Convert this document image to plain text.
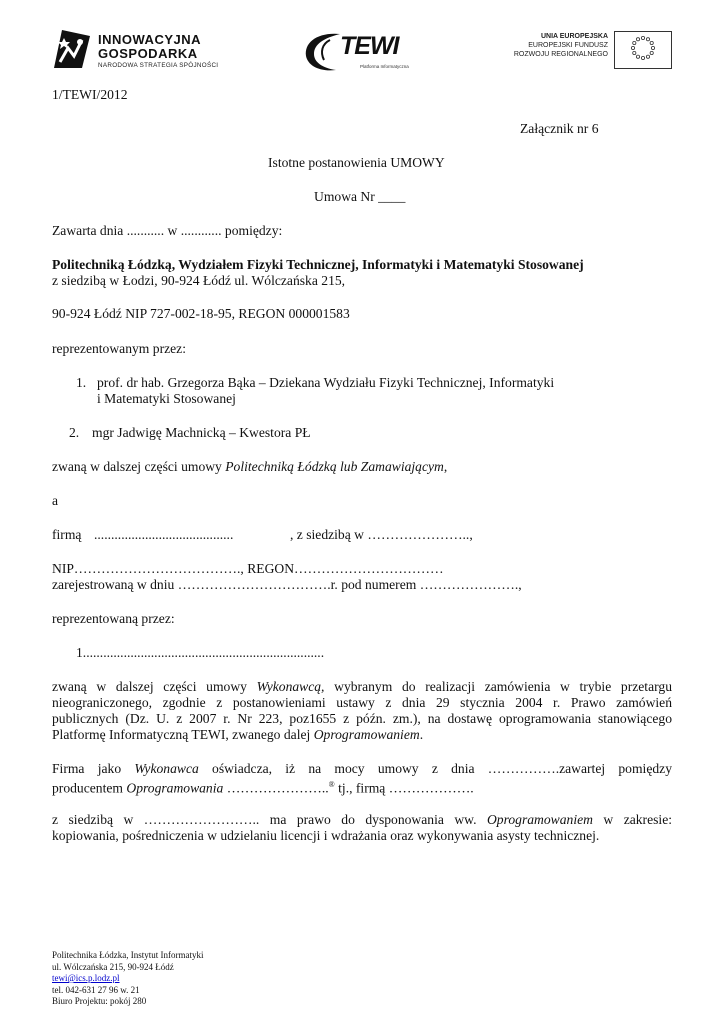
INNOWACYJNA
GOSPODARKA
NARODOWA STRATEGIA SPÓJNOŚCI
TEWI
Platforma Informatyczna
UNIA EUROPEJSKA
EUROPEJSKI FUNDUSZ
ROZWOJU REGIONALNEGO
1/TEWI/2012
Załącznik nr 6
Istotne postanowienia UMOWY
Umowa Nr ____
Zawarta dnia ........... w ............ pomiędzy:
Politechniką Łódzką, Wydziałem Fizyki Technicznej, Informatyki i Matematyki Stosowanej
z siedzibą w Łodzi, 90-924 Łódź ul. Wólczańska 215,
90-924 Łódź NIP 727-002-18-95, REGON 000001583
reprezentowanym przez:
1. prof. dr hab. Grzegorza Bąka – Dziekana Wydziału Fizyki Technicznej, Informatyki
i Matematyki Stosowanej
2. mgr Jadwigę Machnicką – Kwestora PŁ
zwaną w dalszej części umowy Politechniką Łódzką lub Zamawiającym,
a
firmą .........................................	, z siedzibą w …………………..,
NIP………………………………., REGON……………………………
zarejestrowaną w dniu …………………………….r. pod numerem ………………….,
reprezentowaną przez:
1.......................................................................
zwaną w dalszej części umowy Wykonawcą, wybranym do realizacji zamówienia w trybie przetargu
nieograniczonego, zgodnie z postanowieniami ustawy z dnia 29 stycznia 2004 r. Prawo zamówień
publicznych (Dz. U. z 2007 r. Nr 223, poz1655 z późn. zm.), na dostawę oprogramowania stanowiącego
Platformę Informatyczną TEWI, zwanego dalej Oprogramowaniem.
Firma jako Wykonawca oświadcza, iż na mocy umowy z dnia …………….zawartej pomiędzy
producentem Oprogramowania …………………..® tj., firmą ……………….
z siedzibą w …………………….. ma prawo do dysponowania ww. Oprogramowaniem w zakresie:
kopiowania, pośredniczenia w udzielaniu licencji i wdrażania oraz wykonywania asysty technicznej.
Politechnika Łódzka, Instytut Informatyki
ul. Wólczańska 215, 90-924 Łódź
tewi@ics.p.lodz.pl
tel. 042-631 27 96 w. 21
Biuro Projektu: pokój 280
